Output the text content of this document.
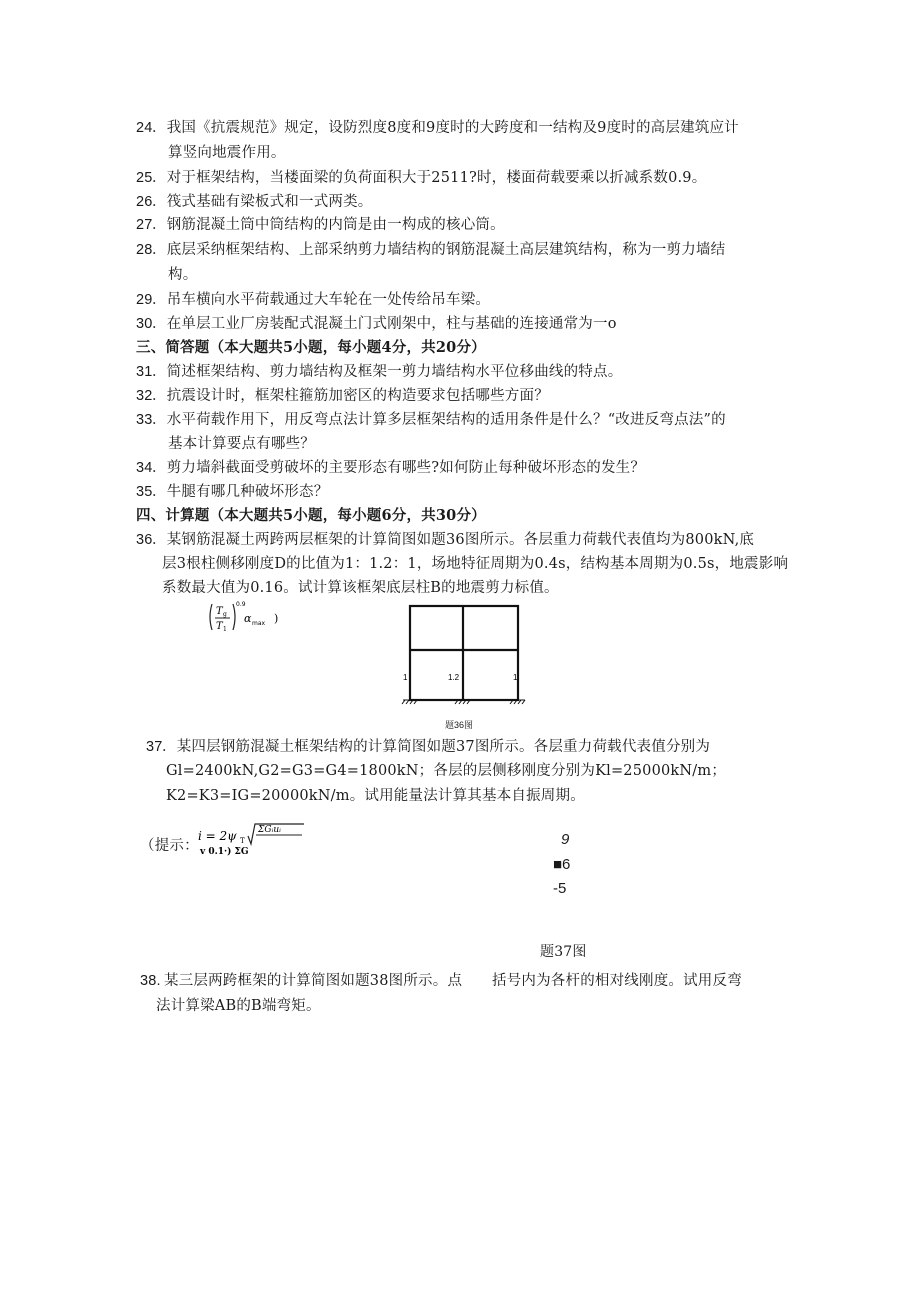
24 ．我国《抗震规范》规定，设防烈度8度和9度时的大跨度和一结构及9度时的高层建筑应计
算竖向地震作用。
25 ．对于框架结构，当楼面梁的负荷面积大于2511?时，楼面荷载要乘以折减系数0.9。
26 ．筏式基础有梁板式和一式两类。
27 ．钢筋混凝土筒中筒结构的内筒是由一构成的核心筒。
28 ．底层采纳框架结构、上部采纳剪力墙结构的钢筋混凝土高层建筑结构，称为一剪力墙结
构。
29 ．吊车横向水平荷载通过大车轮在一处传给吊车梁。
30 ．在单层工业厂房装配式混凝土门式刚架中，柱与基础的连接通常为一o
三、简答题（本大题共5小题，每小题4分，共20分）
31 ．简述框架结构、剪力墙结构及框架一剪力墙结构水平位移曲线的特点。
32 ．抗震设计时，框架柱箍筋加密区的构造要求包括哪些方面？
33 ．水平荷载作用下，用反弯点法计算多层框架结构的适用条件是什么？“改进反弯点法”的
基本计算要点有哪些？
34 ．剪力墙斜截面受剪破坏的主要形态有哪些?如何防止每种破坏形态的发生？
35 ．牛腿有哪几种破坏形态？
四、计算题（本大题共5小题，每小题6分，共30分）
36 ．某钢筋混凝土两跨两层框架的计算简图如题36图所示。各层重力荷载代表值均为800kN,底
层3根柱侧移刚度D的比值为1：1.2：1，场地特征周期为0.4s，结构基本周期为0.5s，地震影响
系数最大值为0.16。试计算该框架底层柱B的地震剪力标值。
T g
T 1
0.9
α max )
1	1.2	1
题36图
37 ．某四层钢筋混凝土框架结构的计算简图如题37图所示。各层重力荷载代表值分别为
Gl=2400kN,G2=G3=G4=1800kN；各层的层侧移刚度分别为Kl=25000kN/m；
K2=K3=IG=20000kN/m。试用能量法计算其基本自振周期。
（提示：
i = 2ψ T
ΣGᵢuᵢ
v 0.1·) ΣG
9
■6
-5
题37图
38. 某三层两跨框架的计算简图如题38图所示。点 括号内为各杆的相对线刚度。试用反弯
法计算梁AB的B端弯矩。
